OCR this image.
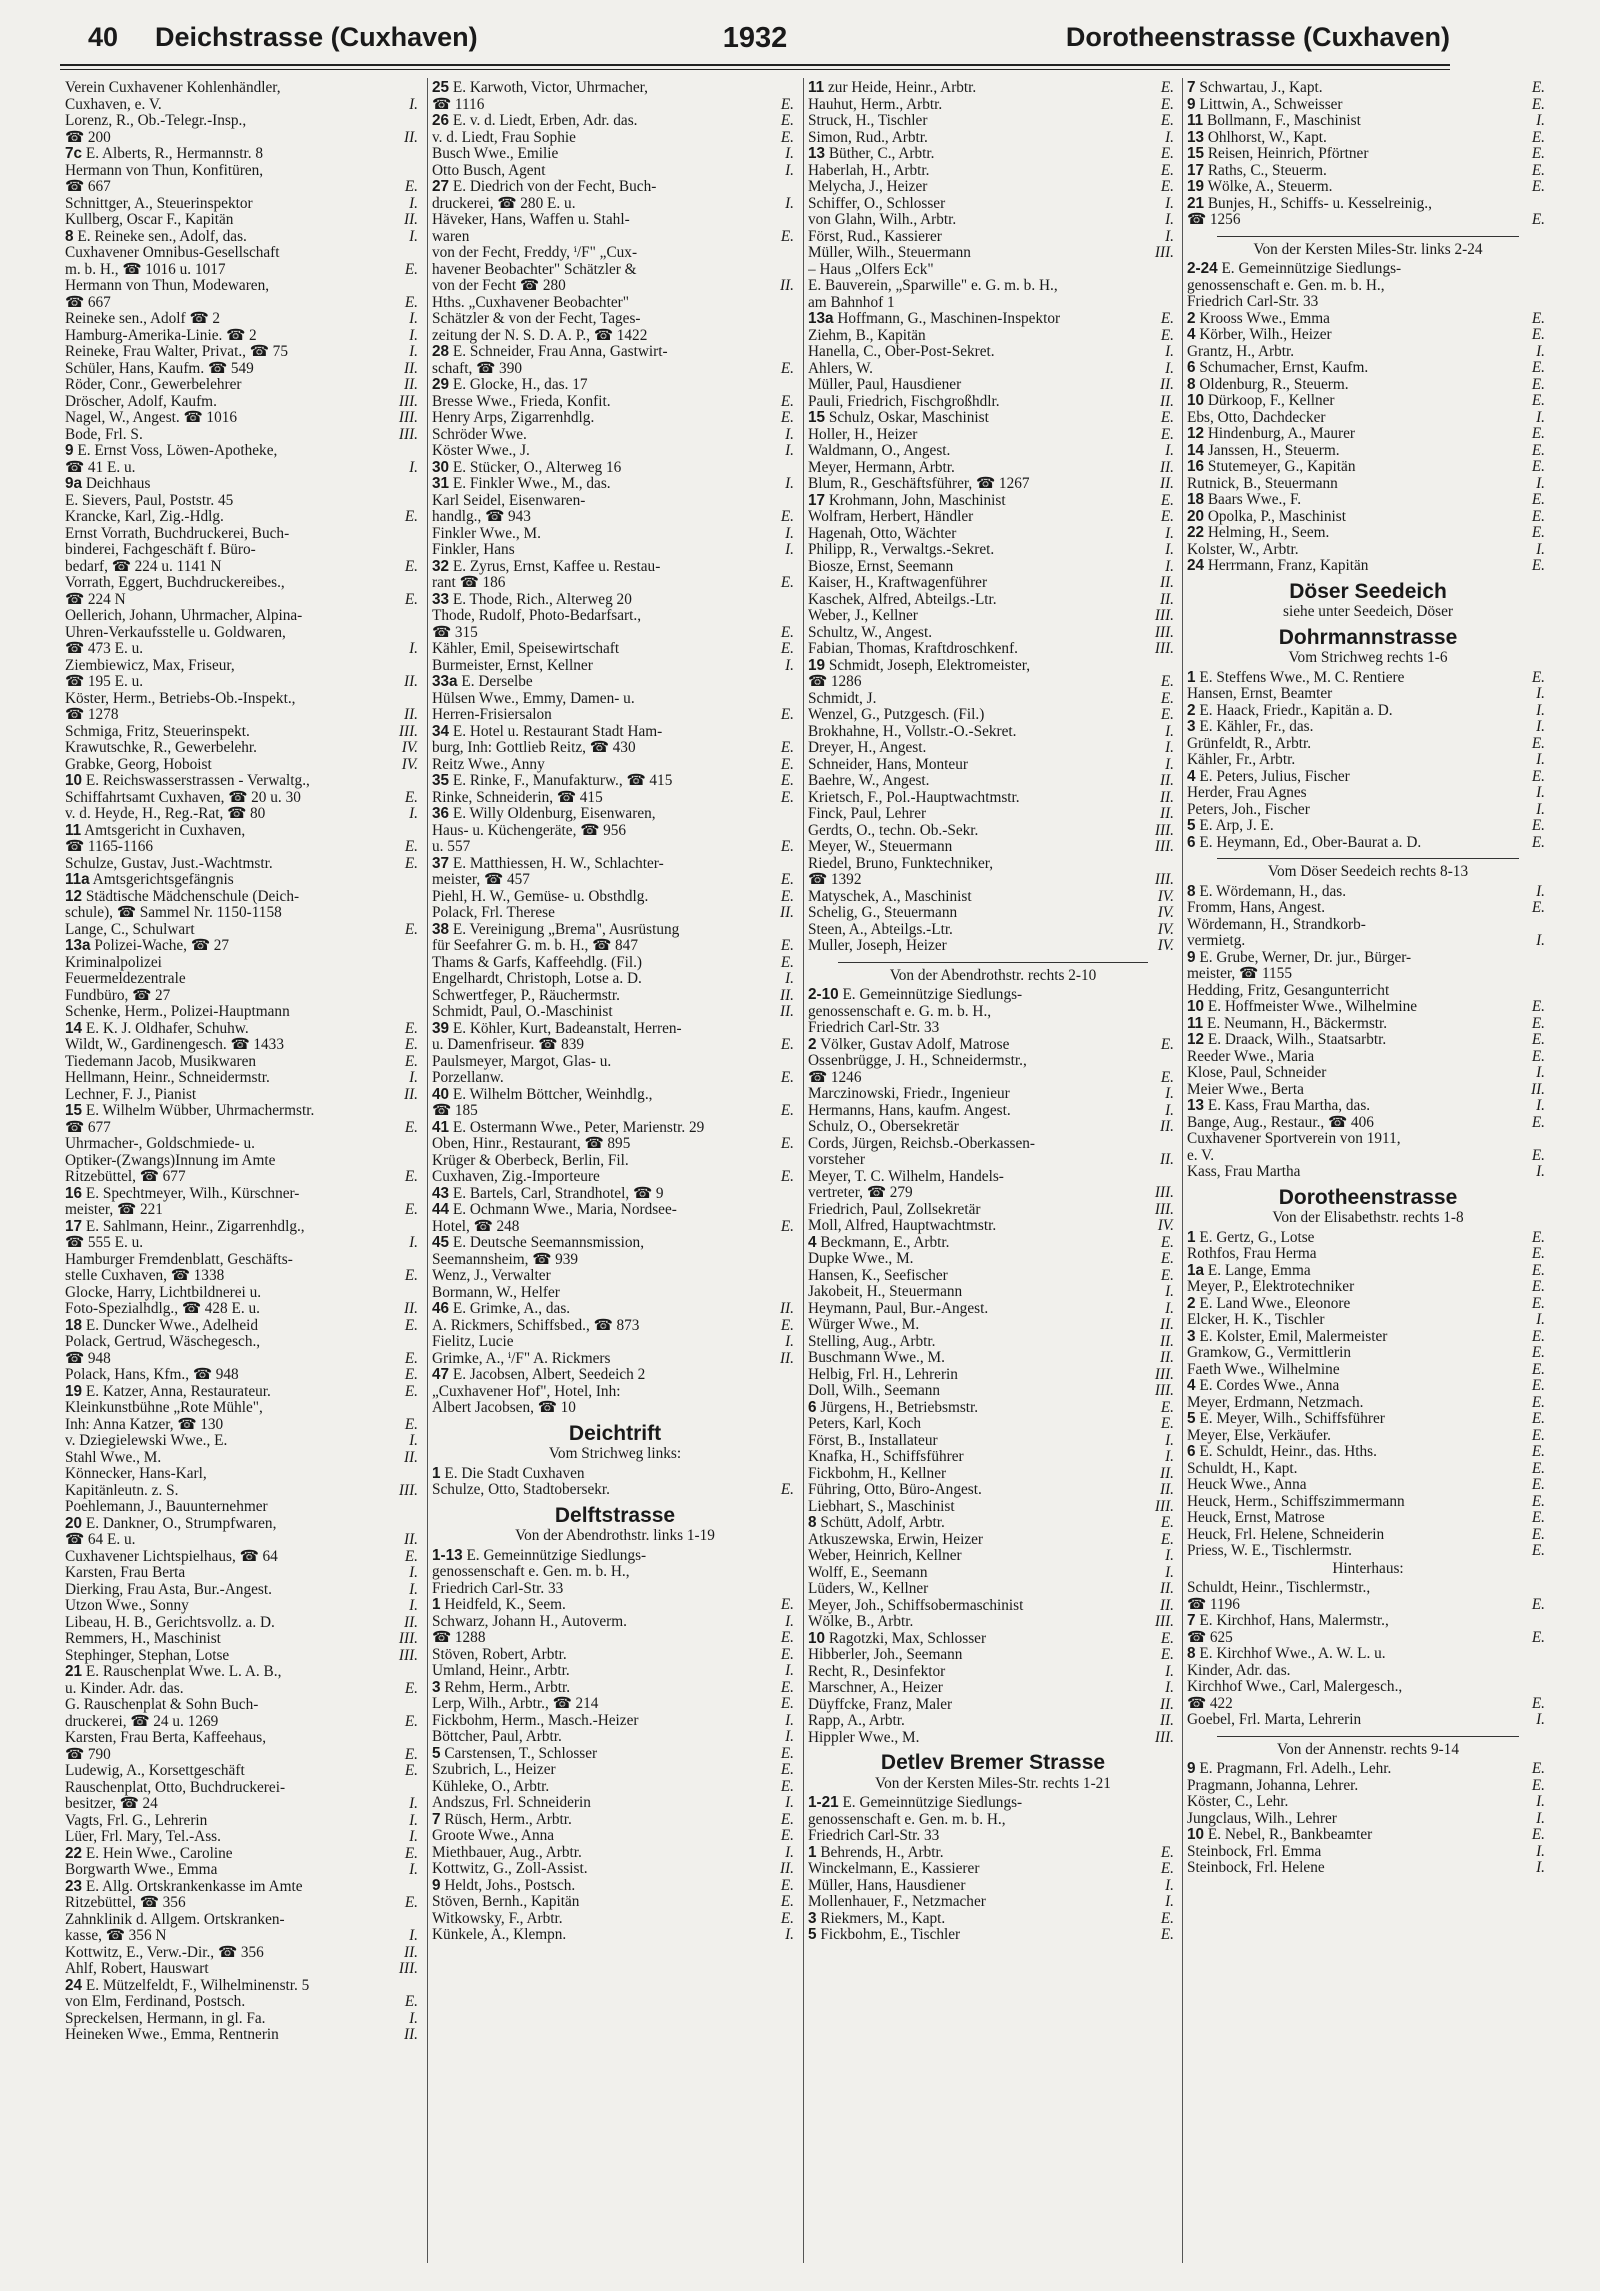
40 Deichstrasse (Cuxhaven)	1932	Dorotheenstrasse (Cuxhaven)
Verein Cuxhavener Kohlenhändler,
Cuxhaven, e. V.	I.
Lorenz, R., Ob.-Telegr.-Insp.,
☎ 200	II.
7c E. Alberts, R., Hermannstr. 8
Hermann von Thun, Konfitüren,
☎ 667	E.
Schnittger, A., Steuerinspektor	I.
Kullberg, Oscar F., Kapitän	II.
8 E. Reineke sen., Adolf, das.	I.
Cuxhavener Omnibus-Gesellschaft
m. b. H., ☎ 1016 u. 1017	E.
Hermann von Thun, Modewaren,
☎ 667	E.
Reineke sen., Adolf ☎ 2	I.
Hamburg-Amerika-Linie. ☎ 2	I.
Reineke, Frau Walter, Privat., ☎ 75	I.
Schüler, Hans, Kaufm. ☎ 549	II.
Röder, Conr., Gewerbelehrer	II.
Dröscher, Adolf, Kaufm.	III.
Nagel, W., Angest. ☎ 1016	III.
Bode, Frl. S.	III.
9 E. Ernst Voss, Löwen-Apotheke,
☎ 41 E. u.	I.
9a Deichhaus
E. Sievers, Paul, Poststr. 45
Krancke, Karl, Zig.-Hdlg.	E.
Ernst Vorrath, Buchdruckerei, Buch-
binderei, Fachgeschäft f. Büro-
bedarf, ☎ 224 u. 1141 N	E.
Vorrath, Eggert, Buchdruckereibes.,
☎ 224 N	E.
Oellerich, Johann, Uhrmacher, Alpina-
Uhren-Verkaufsstelle u. Goldwaren,
☎ 473 E. u.	I.
Ziembiewicz, Max, Friseur,
☎ 195 E. u.	II.
Köster, Herm., Betriebs-Ob.-Inspekt.,
☎ 1278	II.
Schmiga, Fritz, Steuerinspekt.	III.
Krawutschke, R., Gewerbelehr.	IV.
Grabke, Georg, Hoboist	IV.
10 E. Reichswasserstrassen - Verwaltg.,
Schiffahrtsamt Cuxhaven, ☎ 20 u. 30	E.
v. d. Heyde, H., Reg.-Rat, ☎ 80	I.
11 Amtsgericht in Cuxhaven,
☎ 1165-1166	E.
Schulze, Gustav, Just.-Wachtmstr.	E.
11a Amtsgerichtsgefängnis
12 Städtische Mädchenschule (Deich-
schule), ☎ Sammel Nr. 1150-1158
Lange, C., Schulwart	E.
13a Polizei-Wache, ☎ 27
Kriminalpolizei
Feuermeldezentrale
Fundbüro, ☎ 27
Schenke, Herm., Polizei-Hauptmann
14 E. K. J. Oldhafer, Schuhw.	E.
Wildt, W., Gardinengesch. ☎ 1433	E.
Tiedemann Jacob, Musikwaren	E.
Hellmann, Heinr., Schneidermstr.	I.
Lechner, F. J., Pianist	II.
15 E. Wilhelm Wübber, Uhrmachermstr.
☎ 677	E.
Uhrmacher-, Goldschmiede- u.
Optiker-(Zwangs)Innung im Amte
Ritzebüttel, ☎ 677	E.
16 E. Spechtmeyer, Wilh., Kürschner-
meister, ☎ 221	E.
17 E. Sahlmann, Heinr., Zigarrenhdlg.,
☎ 555 E. u.	I.
Hamburger Fremdenblatt, Geschäfts-
stelle Cuxhaven, ☎ 1338	E.
Glocke, Harry, Lichtbildnerei u.
Foto-Spezialhdlg., ☎ 428 E. u.	II.
18 E. Duncker Wwe., Adelheid	E.
Polack, Gertrud, Wäschegesch.,
☎ 948	E.
Polack, Hans, Kfm., ☎ 948	E.
19 E. Katzer, Anna, Restaurateur.	E.
Kleinkunstbühne „Rote Mühle",
Inh: Anna Katzer, ☎ 130	E.
v. Dziegielewski Wwe., E.	I.
Stahl Wwe., M.	II.
Könnecker, Hans-Karl,
Kapitänleutn. z. S.	III.
Poehlemann, J., Bauunternehmer
20 E. Dankner, O., Strumpfwaren,
☎ 64 E. u.	II.
Cuxhavener Lichtspielhaus, ☎ 64	E.
Karsten, Frau Berta	I.
Dierking, Frau Asta, Bur.-Angest.	I.
Utzon Wwe., Sonny	I.
Libeau, H. B., Gerichtsvollz. a. D.	II.
Remmers, H., Maschinist	III.
Stephinger, Stephan, Lotse	III.
21 E. Rauschenplat Wwe. L. A. B.,
u. Kinder. Adr. das.	E.
G. Rauschenplat & Sohn Buch-
druckerei, ☎ 24 u. 1269	E.
Karsten, Frau Berta, Kaffeehaus,
☎ 790	E.
Ludewig, A., Korsettgeschäft	E.
Rauschenplat, Otto, Buchdruckerei-
besitzer, ☎ 24	I.
Vagts, Frl. G., Lehrerin	I.
Lüer, Frl. Mary, Tel.-Ass.	I.
22 E. Hein Wwe., Caroline	E.
Borgwarth Wwe., Emma	I.
23 E. Allg. Ortskrankenkasse im Amte
Ritzebüttel, ☎ 356	E.
Zahnklinik d. Allgem. Ortskranken-
kasse, ☎ 356 N	I.
Kottwitz, E., Verw.-Dir., ☎ 356	II.
Ahlf, Robert, Hauswart	III.
24 E. Mützelfeldt, F., Wilhelminenstr. 5
von Elm, Ferdinand, Postsch.	E.
Spreckelsen, Hermann, in gl. Fa.	I.
Heineken Wwe., Emma, Rentnerin	II.
25 E. Karwoth, Victor, Uhrmacher,
☎ 1116	E.
26 E. v. d. Liedt, Erben, Adr. das.	E.
v. d. Liedt, Frau Sophie	E.
Busch Wwe., Emilie	I.
Otto Busch, Agent	I.
27 E. Diedrich von der Fecht, Buch-
druckerei, ☎ 280 E. u.	I.
Häveker, Hans, Waffen u. Stahl-
waren	E.
von der Fecht, Freddy, ⁱ/F" „Cux-
havener Beobachter" Schätzler &
von der Fecht ☎ 280	II.
Hths. „Cuxhavener Beobachter"
Schätzler & von der Fecht, Tages-
zeitung der N. S. D. A. P., ☎ 1422
28 E. Schneider, Frau Anna, Gastwirt-
schaft, ☎ 390	E.
29 E. Glocke, H., das. 17
Bresse Wwe., Frieda, Konfit.	E.
Henry Arps, Zigarrenhdlg.	E.
Schröder Wwe.	I.
Köster Wwe., J.	I.
30 E. Stücker, O., Alterweg 16
31 E. Finkler Wwe., M., das.	I.
Karl Seidel, Eisenwaren-
handlg., ☎ 943	E.
Finkler Wwe., M.	I.
Finkler, Hans	I.
32 E. Zyrus, Ernst, Kaffee u. Restau-
rant ☎ 186	E.
33 E. Thode, Rich., Alterweg 20
Thode, Rudolf, Photo-Bedarfsart.,
☎ 315	E.
Kähler, Emil, Speisewirtschaft	E.
Burmeister, Ernst, Kellner	I.
33a E. Derselbe
Hülsen Wwe., Emmy, Damen- u.
Herren-Frisiersalon	E.
34 E. Hotel u. Restaurant Stadt Ham-
burg, Inh: Gottlieb Reitz, ☎ 430	E.
Reitz Wwe., Anny	E.
35 E. Rinke, F., Manufakturw., ☎ 415	E.
Rinke, Schneiderin, ☎ 415	E.
36 E. Willy Oldenburg, Eisenwaren,
Haus- u. Küchengeräte, ☎ 956
u. 557	E.
37 E. Matthiessen, H. W., Schlachter-
meister, ☎ 457	E.
Piehl, H. W., Gemüse- u. Obsthdlg.	E.
Polack, Frl. Therese	II.
38 E. Vereinigung „Brema", Ausrüstung
für Seefahrer G. m. b. H., ☎ 847	E.
Thams & Garfs, Kaffeehdlg. (Fil.)	E.
Engelhardt, Christoph, Lotse a. D.	I.
Schwertfeger, P., Räuchermstr.	II.
Schmidt, Paul, O.-Maschinist	II.
39 E. Köhler, Kurt, Badeanstalt, Herren-
u. Damenfriseur. ☎ 839	E.
Paulsmeyer, Margot, Glas- u.
Porzellanw.	E.
40 E. Wilhelm Böttcher, Weinhdlg.,
☎ 185	E.
41 E. Ostermann Wwe., Peter, Marienstr. 29
Oben, Hinr., Restaurant, ☎ 895	E.
Krüger & Oberbeck, Berlin, Fil.
Cuxhaven, Zig.-Importeure	E.
43 E. Bartels, Carl, Strandhotel, ☎ 9
44 E. Ochmann Wwe., Maria, Nordsee-
Hotel, ☎ 248	E.
45 E. Deutsche Seemannsmission,
Seemannsheim, ☎ 939
Wenz, J., Verwalter
Bormann, W., Helfer
46 E. Grimke, A., das.	II.
A. Rickmers, Schiffsbed., ☎ 873	E.
Fielitz, Lucie	I.
Grimke, A., ⁱ/F" A. Rickmers	II.
47 E. Jacobsen, Albert, Seedeich 2
„Cuxhavener Hof", Hotel, Inh:
Albert Jacobsen, ☎ 10
Deichtrift
Vom Strichweg links:
1 E. Die Stadt Cuxhaven
Schulze, Otto, Stadtobersekr.	E.
Delftstrasse
Von der Abendrothstr. links 1-19
1-13 E. Gemeinnützige Siedlungs-
genossenschaft e. Gen. m. b. H.,
Friedrich Carl-Str. 33
1 Heidfeld, K., Seem.	E.
Schwarz, Johann H., Autoverm.	I.
☎ 1288	E.
Stöven, Robert, Arbtr.	E.
Umland, Heinr., Arbtr.	I.
3 Rehm, Herm., Arbtr.	E.
Lerp, Wilh., Arbtr., ☎ 214	E.
Fickbohm, Herm., Masch.-Heizer	I.
Böttcher, Paul, Arbtr.	I.
5 Carstensen, T., Schlosser	E.
Szubrich, L., Heizer	E.
Kühleke, O., Arbtr.	E.
Andszus, Frl. Schneiderin	I.
7 Rüsch, Herm., Arbtr.	E.
Groote Wwe., Anna	E.
Miethbauer, Aug., Arbtr.	I.
Kottwitz, G., Zoll-Assist.	II.
9 Heldt, Johs., Postsch.	E.
Stöven, Bernh., Kapitän	E.
Witkowsky, F., Arbtr.	E.
Künkele, A., Klempn.	I.
11 zur Heide, Heinr., Arbtr.	E.
Hauhut, Herm., Arbtr.	E.
Struck, H., Tischler	E.
Simon, Rud., Arbtr.	I.
13 Büther, C., Arbtr.	E.
Haberlah, H., Arbtr.	E.
Melycha, J., Heizer	E.
Schiffer, O., Schlosser	I.
von Glahn, Wilh., Arbtr.	I.
Först, Rud., Kassierer	I.
Müller, Wilh., Steuermann	III.
– Haus „Olfers Eck"
E. Bauverein, „Sparwille" e. G. m. b. H.,
am Bahnhof 1
13a Hoffmann, G., Maschinen-Inspektor	E.
Ziehm, B., Kapitän	E.
Hanella, C., Ober-Post-Sekret.	I.
Ahlers, W.	I.
Müller, Paul, Hausdiener	II.
Pauli, Friedrich, Fischgroßhdlr.	II.
15 Schulz, Oskar, Maschinist	E.
Holler, H., Heizer	E.
Waldmann, O., Angest.	I.
Meyer, Hermann, Arbtr.	II.
Blum, R., Geschäftsführer, ☎ 1267	II.
17 Krohmann, John, Maschinist	E.
Wolfram, Herbert, Händler	E.
Hagenah, Otto, Wächter	I.
Philipp, R., Verwaltgs.-Sekret.	I.
Biosze, Ernst, Seemann	I.
Kaiser, H., Kraftwagenführer	II.
Kaschek, Alfred, Abteilgs.-Ltr.	II.
Weber, J., Kellner	III.
Schultz, W., Angest.	III.
Fabian, Thomas, Kraftdroschkenf.	III.
19 Schmidt, Joseph, Elektromeister,
☎ 1286	E.
Schmidt, J.	E.
Wenzel, G., Putzgesch. (Fil.)	E.
Brokhahne, H., Vollstr.-O.-Sekret.	I.
Dreyer, H., Angest.	I.
Schneider, Hans, Monteur	I.
Baehre, W., Angest.	II.
Krietsch, F., Pol.-Hauptwachtmstr.	II.
Finck, Paul, Lehrer	II.
Gerdts, O., techn. Ob.-Sekr.	III.
Meyer, W., Steuermann	III.
Riedel, Bruno, Funktechniker,
☎ 1392	III.
Matyschek, A., Maschinist	IV.
Schelig, G., Steuermann	IV.
Steen, A., Abteilgs.-Ltr.	IV.
Muller, Joseph, Heizer	IV.
Von der Abendrothstr. rechts 2-10
2-10 E. Gemeinnützige Siedlungs-
genossenschaft e. G. m. b. H.,
Friedrich Carl-Str. 33
2 Völker, Gustav Adolf, Matrose	E.
Ossenbrügge, J. H., Schneidermstr.,
☎ 1246	E.
Marczinowski, Friedr., Ingenieur	I.
Hermanns, Hans, kaufm. Angest.	I.
Schulz, O., Obersekretär	II.
Cords, Jürgen, Reichsb.-Oberkassen-
vorsteher	II.
Meyer, T. C. Wilhelm, Handels-
vertreter, ☎ 279	III.
Friedrich, Paul, Zollsekretär	III.
Moll, Alfred, Hauptwachtmstr.	IV.
4 Beckmann, E., Arbtr.	E.
Dupke Wwe., M.	E.
Hansen, K., Seefischer	E.
Jakobeit, H., Steuermann	I.
Heymann, Paul, Bur.-Angest.	I.
Würger Wwe., M.	II.
Stelling, Aug., Arbtr.	II.
Buschmann Wwe., M.	II.
Helbig, Frl. H., Lehrerin	III.
Doll, Wilh., Seemann	III.
6 Jürgens, H., Betriebsmstr.	E.
Peters, Karl, Koch	E.
Först, B., Installateur	I.
Knafka, H., Schiffsführer	I.
Fickbohm, H., Kellner	II.
Führing, Otto, Büro-Angest.	II.
Liebhart, S., Maschinist	III.
8 Schütt, Adolf, Arbtr.	E.
Atkuszewska, Erwin, Heizer	E.
Weber, Heinrich, Kellner	I.
Wolff, E., Seemann	I.
Lüders, W., Kellner	II.
Meyer, Joh., Schiffsobermaschinist	II.
Wölke, B., Arbtr.	III.
10 Ragotzki, Max, Schlosser	E.
Hibberler, Joh., Seemann	E.
Recht, R., Desinfektor	I.
Marschner, A., Heizer	I.
Düyffcke, Franz, Maler	II.
Rapp, A., Arbtr.	II.
Hippler Wwe., M.	III.
Detlev Bremer Strasse
Von der Kersten Miles-Str. rechts 1-21
1-21 E. Gemeinnützige Siedlungs-
genossenschaft e. Gen. m. b. H.,
Friedrich Carl-Str. 33
1 Behrends, H., Arbtr.	E.
Winckelmann, E., Kassierer	E.
Müller, Hans, Hausdiener	I.
Mollenhauer, F., Netzmacher	I.
3 Riekmers, M., Kapt.	E.
5 Fickbohm, E., Tischler	E.
7 Schwartau, J., Kapt.	E.
9 Littwin, A., Schweisser	E.
11 Bollmann, F., Maschinist	I.
13 Ohlhorst, W., Kapt.	E.
15 Reisen, Heinrich, Pförtner	E.
17 Raths, C., Steuerm.	E.
19 Wölke, A., Steuerm.	E.
21 Bunjes, H., Schiffs- u. Kesselreinig.,
☎ 1256	E.
Von der Kersten Miles-Str. links 2-24
2-24 E. Gemeinnützige Siedlungs-
genossenschaft e. Gen. m. b. H.,
Friedrich Carl-Str. 33
2 Krooss Wwe., Emma	E.
4 Körber, Wilh., Heizer	E.
Grantz, H., Arbtr.	I.
6 Schumacher, Ernst, Kaufm.	E.
8 Oldenburg, R., Steuerm.	E.
10 Dürkoop, F., Kellner	E.
Ebs, Otto, Dachdecker	I.
12 Hindenburg, A., Maurer	E.
14 Janssen, H., Steuerm.	E.
16 Stutemeyer, G., Kapitän	E.
Rutnick, B., Steuermann	I.
18 Baars Wwe., F.	E.
20 Opolka, P., Maschinist	E.
22 Helming, H., Seem.	E.
Kolster, W., Arbtr.	I.
24 Herrmann, Franz, Kapitän	E.
Döser Seedeich
siehe unter Seedeich, Döser
Dohrmannstrasse
Vom Strichweg rechts 1-6
1 E. Steffens Wwe., M. C. Rentiere	E.
Hansen, Ernst, Beamter	I.
2 E. Haack, Friedr., Kapitän a. D.	I.
3 E. Kähler, Fr., das.	I.
Grünfeldt, R., Arbtr.	E.
Kähler, Fr., Arbtr.	I.
4 E. Peters, Julius, Fischer	E.
Herder, Frau Agnes	I.
Peters, Joh., Fischer	I.
5 E. Arp, J. E.	E.
6 E. Heymann, Ed., Ober-Baurat a. D.	E.
Vom Döser Seedeich rechts 8-13
8 E. Wördemann, H., das.	I.
Fromm, Hans, Angest.	E.
Wördemann, H., Strandkorb-
vermietg.	I.
9 E. Grube, Werner, Dr. jur., Bürger-
meister, ☎ 1155
Hedding, Fritz, Gesangunterricht
10 E. Hoffmeister Wwe., Wilhelmine	E.
11 E. Neumann, H., Bäckermstr.	E.
12 E. Draack, Wilh., Staatsarbtr.	E.
Reeder Wwe., Maria	E.
Klose, Paul, Schneider	I.
Meier Wwe., Berta	II.
13 E. Kass, Frau Martha, das.	I.
Bange, Aug., Restaur., ☎ 406	E.
Cuxhavener Sportverein von 1911,
e. V.	E.
Kass, Frau Martha	I.
Dorotheenstrasse
Von der Elisabethstr. rechts 1-8
1 E. Gertz, G., Lotse	E.
Rothfos, Frau Herma	E.
1a E. Lange, Emma	E.
Meyer, P., Elektrotechniker	E.
2 E. Land Wwe., Eleonore	E.
Elcker, H. K., Tischler	I.
3 E. Kolster, Emil, Malermeister	E.
Gramkow, G., Vermittlerin	E.
Faeth Wwe., Wilhelmine	E.
4 E. Cordes Wwe., Anna	E.
Meyer, Erdmann, Netzmach.	E.
5 E. Meyer, Wilh., Schiffsführer	E.
Meyer, Else, Verkäufer.	E.
6 E. Schuldt, Heinr., das. Hths.	E.
Schuldt, H., Kapt.	E.
Heuck Wwe., Anna	E.
Heuck, Herm., Schiffszimmermann	E.
Heuck, Ernst, Matrose	E.
Heuck, Frl. Helene, Schneiderin	E.
Priess, W. E., Tischlermstr.	E.
Hinterhaus:
Schuldt, Heinr., Tischlermstr.,
☎ 1196	E.
7 E. Kirchhof, Hans, Malermstr.,
☎ 625	E.
8 E. Kirchhof Wwe., A. W. L. u.
Kinder, Adr. das.
Kirchhof Wwe., Carl, Malergesch.,
☎ 422	E.
Goebel, Frl. Marta, Lehrerin	I.
Von der Annenstr. rechts 9-14
9 E. Pragmann, Frl. Adelh., Lehr.	E.
Pragmann, Johanna, Lehrer.	E.
Köster, C., Lehr.	I.
Jungclaus, Wilh., Lehrer	I.
10 E. Nebel, R., Bankbeamter	E.
Steinbock, Frl. Emma	I.
Steinbock, Frl. Helene	I.
